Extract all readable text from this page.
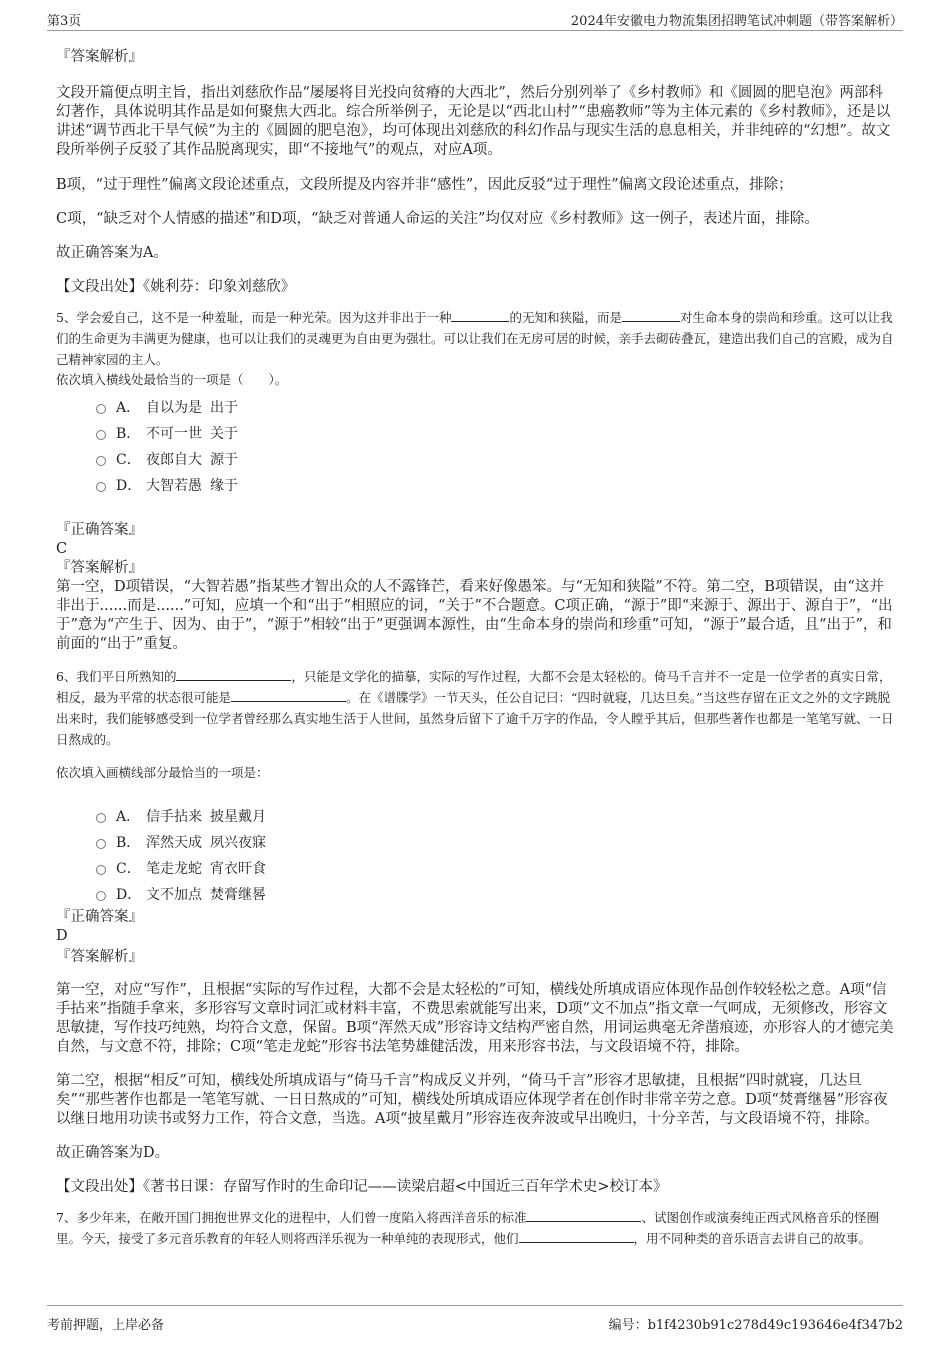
第3页	2024年安徽电力物流集团招聘笔试冲刺题（带答案解析）

『答案解析』

文段开篇便点明主旨，指出刘慈欣作品“屡屡将目光投向贫瘠的大西北”，然后分别列举了《乡村教师》和《圆圆的肥皂泡》两部科幻著作，具体说明其作品是如何聚焦大西北。综合所举例子，无论是以“西北山村”“患癌教师”等为主体元素的《乡村教师》，还是以讲述“调节西北干旱气候”为主的《圆圆的肥皂泡》，均可体现出刘慈欣的科幻作品与现实生活的息息相关，并非纯碎的“幻想”。故文段所举例子反驳了其作品脱离现实，即“不接地气”的观点，对应A项。

B项，“过于理性”偏离文段论述重点，文段所提及内容并非“感性”，因此反驳“过于理性”偏离文段论述重点，排除；

C项，“缺乏对个人情感的描述”和D项，“缺乏对普通人命运的关注”均仅对应《乡村教师》这一例子，表述片面，排除。

故正确答案为A。

【文段出处】《姚利芬：印象刘慈欣》

5、学会爱自己，这不是一种羞耻，而是一种光荣。因为这并非出于一种	的无知和狭隘，而是	对生命本身的崇尚和珍重。这可以让我们的生命更为丰满更为健康，也可以让我们的灵魂更为自由更为强壮。可以让我们在无房可居的时候，亲手去砌砖叠瓦，建造出我们自己的宫殿，成为自己精神家园的主人。

依次填入横线处最恰当的一项是（　　）。

A． 自以为是 出于
B． 不可一世 关于
C． 夜郎自大 源于
D． 大智若愚 缘于

『正确答案』

C

『答案解析』

第一空，D项错误，“大智若愚”指某些才智出众的人不露锋芒，看来好像愚笨。与“无知和狭隘”不符。第二空，B项错误，由“这并非出于......而是......”可知，应填一个和“出于”相照应的词，“关于”不合题意。C项正确，“源于”即“来源于、源出于、源自于”，“出于”意为“产生于、因为、由于”，“源于”相较“出于”更强调本源性，由“生命本身的崇尚和珍重”可知，“源于”最合适，且“出于”，和前面的“出于”重复。

6、我们平日所熟知的	，只能是文学化的描摹，实际的写作过程，大都不会是太轻松的。倚马千言并不一定是一位学者的真实日常，相反，最为平常的状态很可能是	。在《谱牒学》一节天头，任公自记曰：“四时就寝，几达旦矣。”当这些存留在正文之外的文字跳脱出来时，我们能够感受到一位学者曾经那么真实地生活于人世间，虽然身后留下了逾千万字的作品，令人瞠乎其后，但那些著作也都是一笔笔写就、一日日熬成的。

依次填入画横线部分最恰当的一项是：

A． 信手拈来 披星戴月
B． 浑然天成 夙兴夜寐
C． 笔走龙蛇 宵衣旰食
D． 文不加点 焚膏继晷

『正确答案』

D

『答案解析』

第一空，对应“写作”，且根据“实际的写作过程，大都不会是太轻松的”可知，横线处所填成语应体现作品创作较轻松之意。A项“信手拈来”指随手拿来，多形容写文章时词汇或材料丰富，不费思索就能写出来，D项“文不加点”指文章一气呵成，无须修改，形容文思敏捷，写作技巧纯熟，均符合文意，保留。B项“浑然天成”形容诗文结构严密自然，用词运典毫无斧凿痕迹，亦形容人的才德完美自然，与文意不符，排除；C项“笔走龙蛇”形容书法笔势雄健活泼，用来形容书法，与文段语境不符，排除。

第二空，根据“相反”可知，横线处所填成语与“倚马千言”构成反义并列，“倚马千言”形容才思敏捷，且根据“四时就寝，几达旦矣”“那些著作也都是一笔笔写就、一日日熬成的”可知，横线处所填成语应体现学者在创作时非常辛劳之意。D项“焚膏继晷”形容夜以继日地用功读书或努力工作，符合文意，当选。A项“披星戴月”形容连夜奔波或早出晚归，十分辛苦，与文段语境不符，排除。

故正确答案为D。

【文段出处】《著书日课：存留写作时的生命印记——读梁启超<中国近三百年学术史>校订本》

7、多少年来，在敞开国门拥抱世界文化的进程中，人们曾一度陷入将西洋音乐的标准	、试图创作或演奏纯正西式风格音乐的怪圈里。今天，接受了多元音乐教育的年轻人则将西洋乐视为一种单纯的表现形式，他们	，用不同种类的音乐语言去讲自己的故事。

考前押题，上岸必备	编号：b1f4230b91c278d49c193646e4f347b2
